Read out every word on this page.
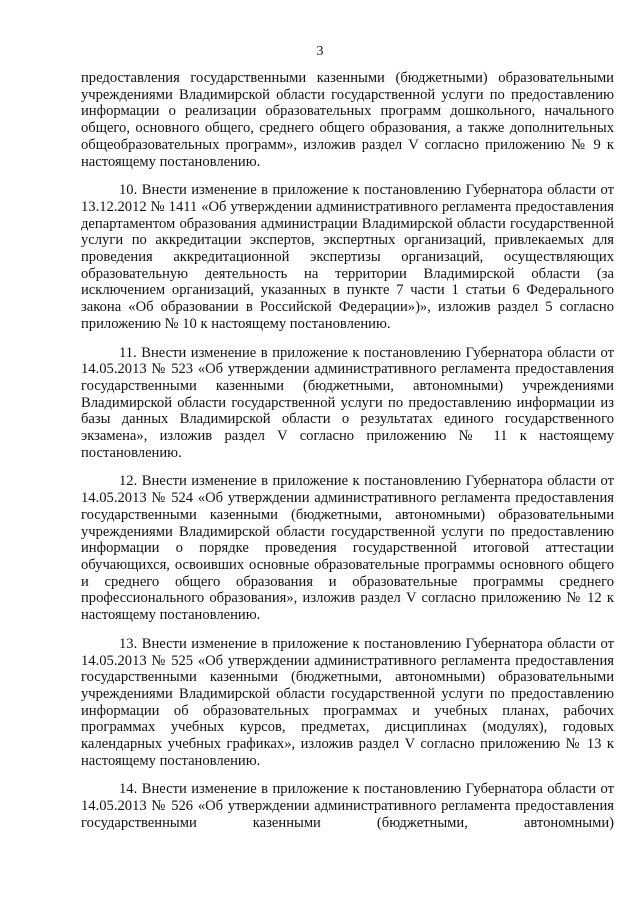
3

предоставления государственными казенными (бюджетными) образовательными учреждениями Владимирской области государственной услуги по предоставлению информации о реализации образовательных программ дошкольного, начального общего, основного общего, среднего общего образования, а также дополнительных общеобразовательных программ», изложив раздел V согласно приложению № 9 к настоящему постановлению.

10. Внести изменение в приложение к постановлению Губернатора области от 13.12.2012 № 1411 «Об утверждении административного регламента предоставления департаментом образования администрации Владимирской области государственной услуги по аккредитации экспертов, экспертных организаций, привлекаемых для проведения аккредитационной экспертизы организаций, осуществляющих образовательную деятельность на территории Владимирской области (за исключением организаций, указанных в пункте 7 части 1 статьи 6 Федерального закона «Об образовании в Российской Федерации»)», изложив раздел 5 согласно приложению № 10 к настоящему постановлению.

11. Внести изменение в приложение к постановлению Губернатора области от 14.05.2013 № 523 «Об утверждении административного регламента предоставления государственными казенными (бюджетными, автономными) учреждениями Владимирской области государственной услуги по предоставлению информации из базы данных Владимирской области о результатах единого государственного экзамена», изложив раздел V согласно приложению № 11 к настоящему постановлению.

12. Внести изменение в приложение к постановлению Губернатора области от 14.05.2013 № 524 «Об утверждении административного регламента предоставления государственными казенными (бюджетными, автономными) образовательными учреждениями Владимирской области государственной услуги по предоставлению информации о порядке проведения государственной итоговой аттестации обучающихся, освоивших основные образовательные программы основного общего и среднего общего образования и образовательные программы среднего профессионального образования», изложив раздел V согласно приложению № 12 к настоящему постановлению.

13. Внести изменение в приложение к постановлению Губернатора области от 14.05.2013 № 525 «Об утверждении административного регламента предоставления государственными казенными (бюджетными, автономными) образовательными учреждениями Владимирской области государственной услуги по предоставлению информации об образовательных программах и учебных планах, рабочих программах учебных курсов, предметах, дисциплинах (модулях), годовых календарных учебных графиках», изложив раздел V согласно приложению № 13 к настоящему постановлению.

14. Внести изменение в приложение к постановлению Губернатора области от 14.05.2013 № 526 «Об утверждении административного регламента предоставления государственными казенными (бюджетными, автономными)
